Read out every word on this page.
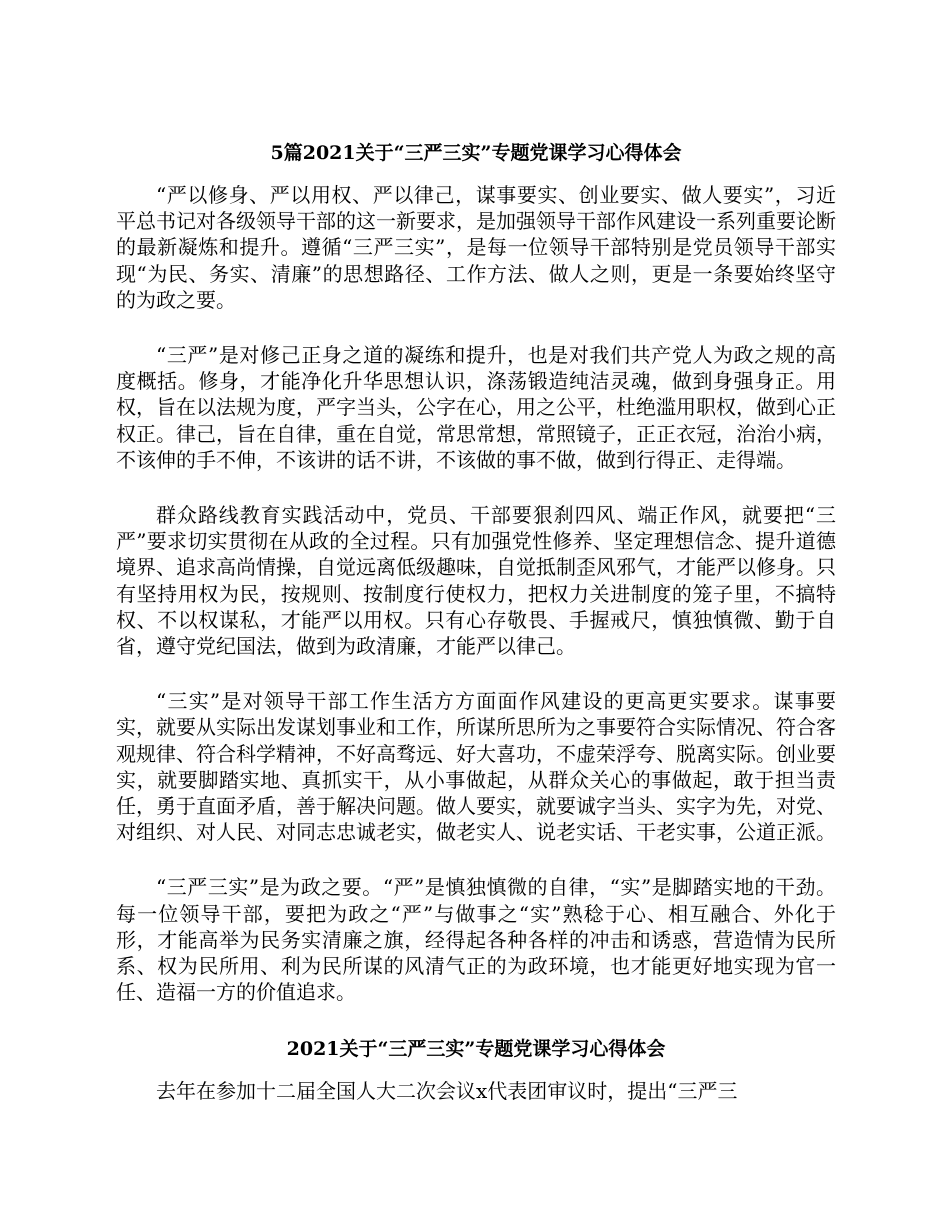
5篇2021关于“三严三实”专题党课学习心得体会

“严以修身、严以用权、严以律己，谋事要实、创业要实、做人要实”，习近平总书记对各级领导干部的这一新要求，是加强领导干部作风建设一系列重要论断的最新凝炼和提升。遵循“三严三实”，是每一位领导干部特别是党员领导干部实现“为民、务实、清廉”的思想路径、工作方法、做人之则，更是一条要始终坚守的为政之要。

“三严”是对修己正身之道的凝练和提升，也是对我们共产党人为政之规的高度概括。修身，才能净化升华思想认识，涤荡锻造纯洁灵魂，做到身强身正。用权，旨在以法规为度，严字当头，公字在心，用之公平，杜绝滥用职权，做到心正权正。律己，旨在自律，重在自觉，常思常想，常照镜子，正正衣冠，治治小病，不该伸的手不伸，不该讲的话不讲，不该做的事不做，做到行得正、走得端。

群众路线教育实践活动中，党员、干部要狠刹四风、端正作风，就要把“三严”要求切实贯彻在从政的全过程。只有加强党性修养、坚定理想信念、提升道德境界、追求高尚情操，自觉远离低级趣味，自觉抵制歪风邪气，才能严以修身。只有坚持用权为民，按规则、按制度行使权力，把权力关进制度的笼子里，不搞特权、不以权谋私，才能严以用权。只有心存敬畏、手握戒尺，慎独慎微、勤于自省，遵守党纪国法，做到为政清廉，才能严以律己。

“三实”是对领导干部工作生活方方面面作风建设的更高更实要求。谋事要实，就要从实际出发谋划事业和工作，所谋所思所为之事要符合实际情况、符合客观规律、符合科学精神，不好高骛远、好大喜功，不虚荣浮夸、脱离实际。创业要实，就要脚踏实地、真抓实干，从小事做起，从群众关心的事做起，敢于担当责任，勇于直面矛盾，善于解决问题。做人要实，就要诚字当头、实字为先，对党、对组织、对人民、对同志忠诚老实，做老实人、说老实话、干老实事，公道正派。

“三严三实”是为政之要。“严”是慎独慎微的自律，“实”是脚踏实地的干劲。每一位领导干部，要把为政之“严”与做事之“实”熟稔于心、相互融合、外化于形，才能高举为民务实清廉之旗，经得起各种各样的冲击和诱惑，营造情为民所系、权为民所用、利为民所谋的风清气正的为政环境，也才能更好地实现为官一任、造福一方的价值追求。

2021关于“三严三实”专题党课学习心得体会

去年在参加十二届全国人大二次会议x代表团审议时，提出“三严三
